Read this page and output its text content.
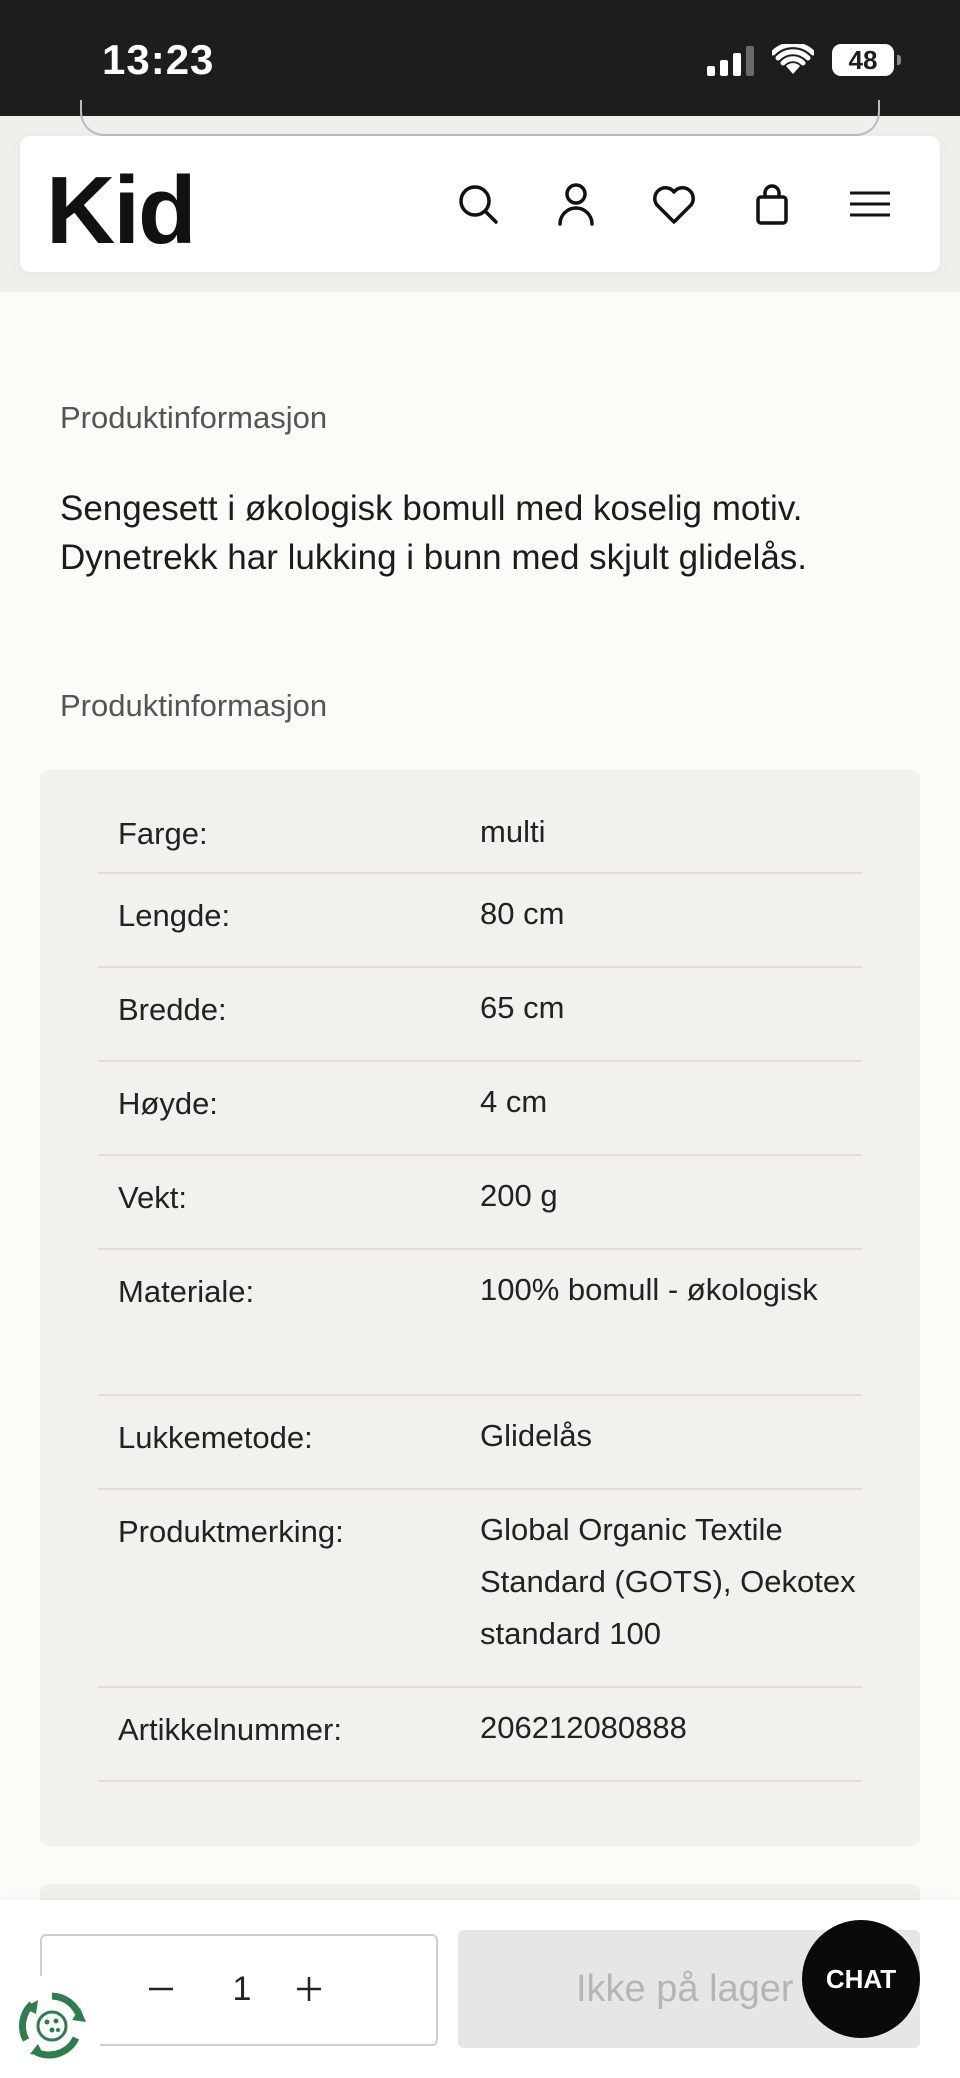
13:23	48
Kid
Produktinformasjon
Sengesett i økologisk bomull med koselig motiv. Dynetrekk har lukking i bunn med skjult glidelås.
Produktinformasjon
Farge:	multi
Lengde:	80 cm
Bredde:	65 cm
Høyde:	4 cm
Vekt:	200 g
Materiale:	100% bomull - økologisk
Lukkemetode:	Glidelås
Produktmerking:	Global Organic Textile Standard (GOTS), Oekotex standard 100
Artikkelnummer:	206212080888
1	Ikke på lager	CHAT
